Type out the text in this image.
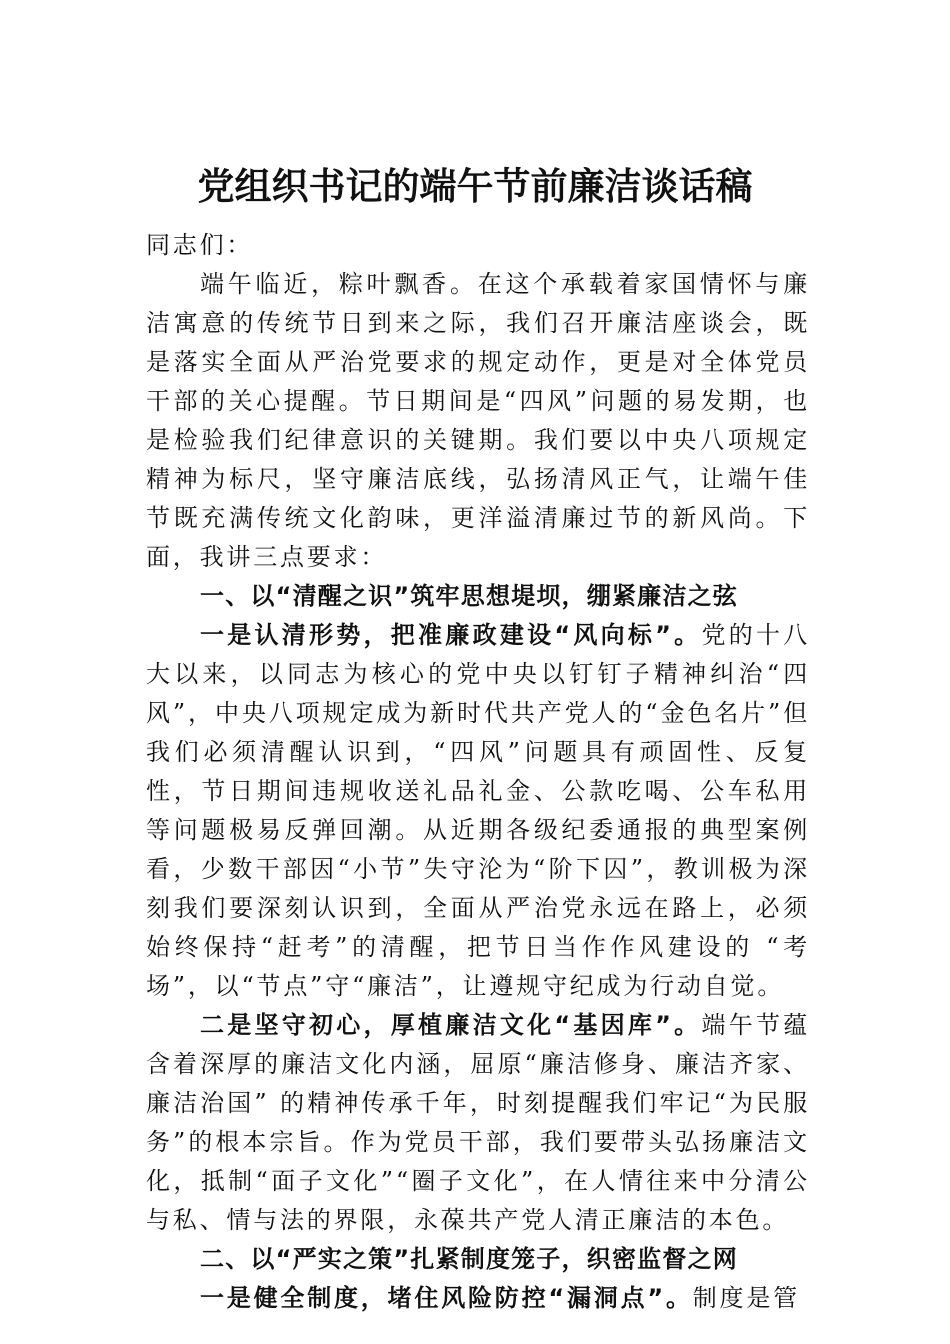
党组织书记的端午节前廉洁谈话稿

同志们：

端午临近，粽叶飘香。在这个承载着家国情怀与廉洁寓意的传统节日到来之际，我们召开廉洁座谈会，既是落实全面从严治党要求的规定动作，更是对全体党员干部的关心提醒。节日期间是“四风”问题的易发期，也是检验我们纪律意识的关键期。我们要以中央八项规定精神为标尺，坚守廉洁底线，弘扬清风正气，让端午佳节既充满传统文化韵味，更洋溢清廉过节的新风尚。下面，我讲三点要求：

一、以“清醒之识”筑牢思想堤坝，绷紧廉洁之弦

一是认清形势，把准廉政建设“风向标”。党的十八大以来，以同志为核心的党中央以钉钉子精神纠治“四风”，中央八项规定成为新时代共产党人的“金色名片”但我们必须清醒认识到，“四风”问题具有顽固性、反复性，节日期间违规收送礼品礼金、公款吃喝、公车私用等问题极易反弹回潮。从近期各级纪委通报的典型案例看，少数干部因“小节”失守沦为“阶下囚”，教训极为深刻我们要深刻认识到，全面从严治党永远在路上，必须始终保持“赶考”的清醒，把节日当作作风建设的 “考场”，以“节点”守“廉洁”，让遵规守纪成为行动自觉。

二是坚守初心，厚植廉洁文化“基因库”。端午节蕴含着深厚的廉洁文化内涵，屈原“廉洁修身、廉洁齐家、廉洁治国” 的精神传承千年，时刻提醒我们牢记“为民服务”的根本宗旨。作为党员干部，我们要带头弘扬廉洁文化，抵制“面子文化”“圈子文化”，在人情往来中分清公与私、情与法的界限，永葆共产党人清正廉洁的本色。

二、以“严实之策”扎紧制度笼子，织密监督之网

一是健全制度，堵住风险防控“漏洞点”。制度是管
